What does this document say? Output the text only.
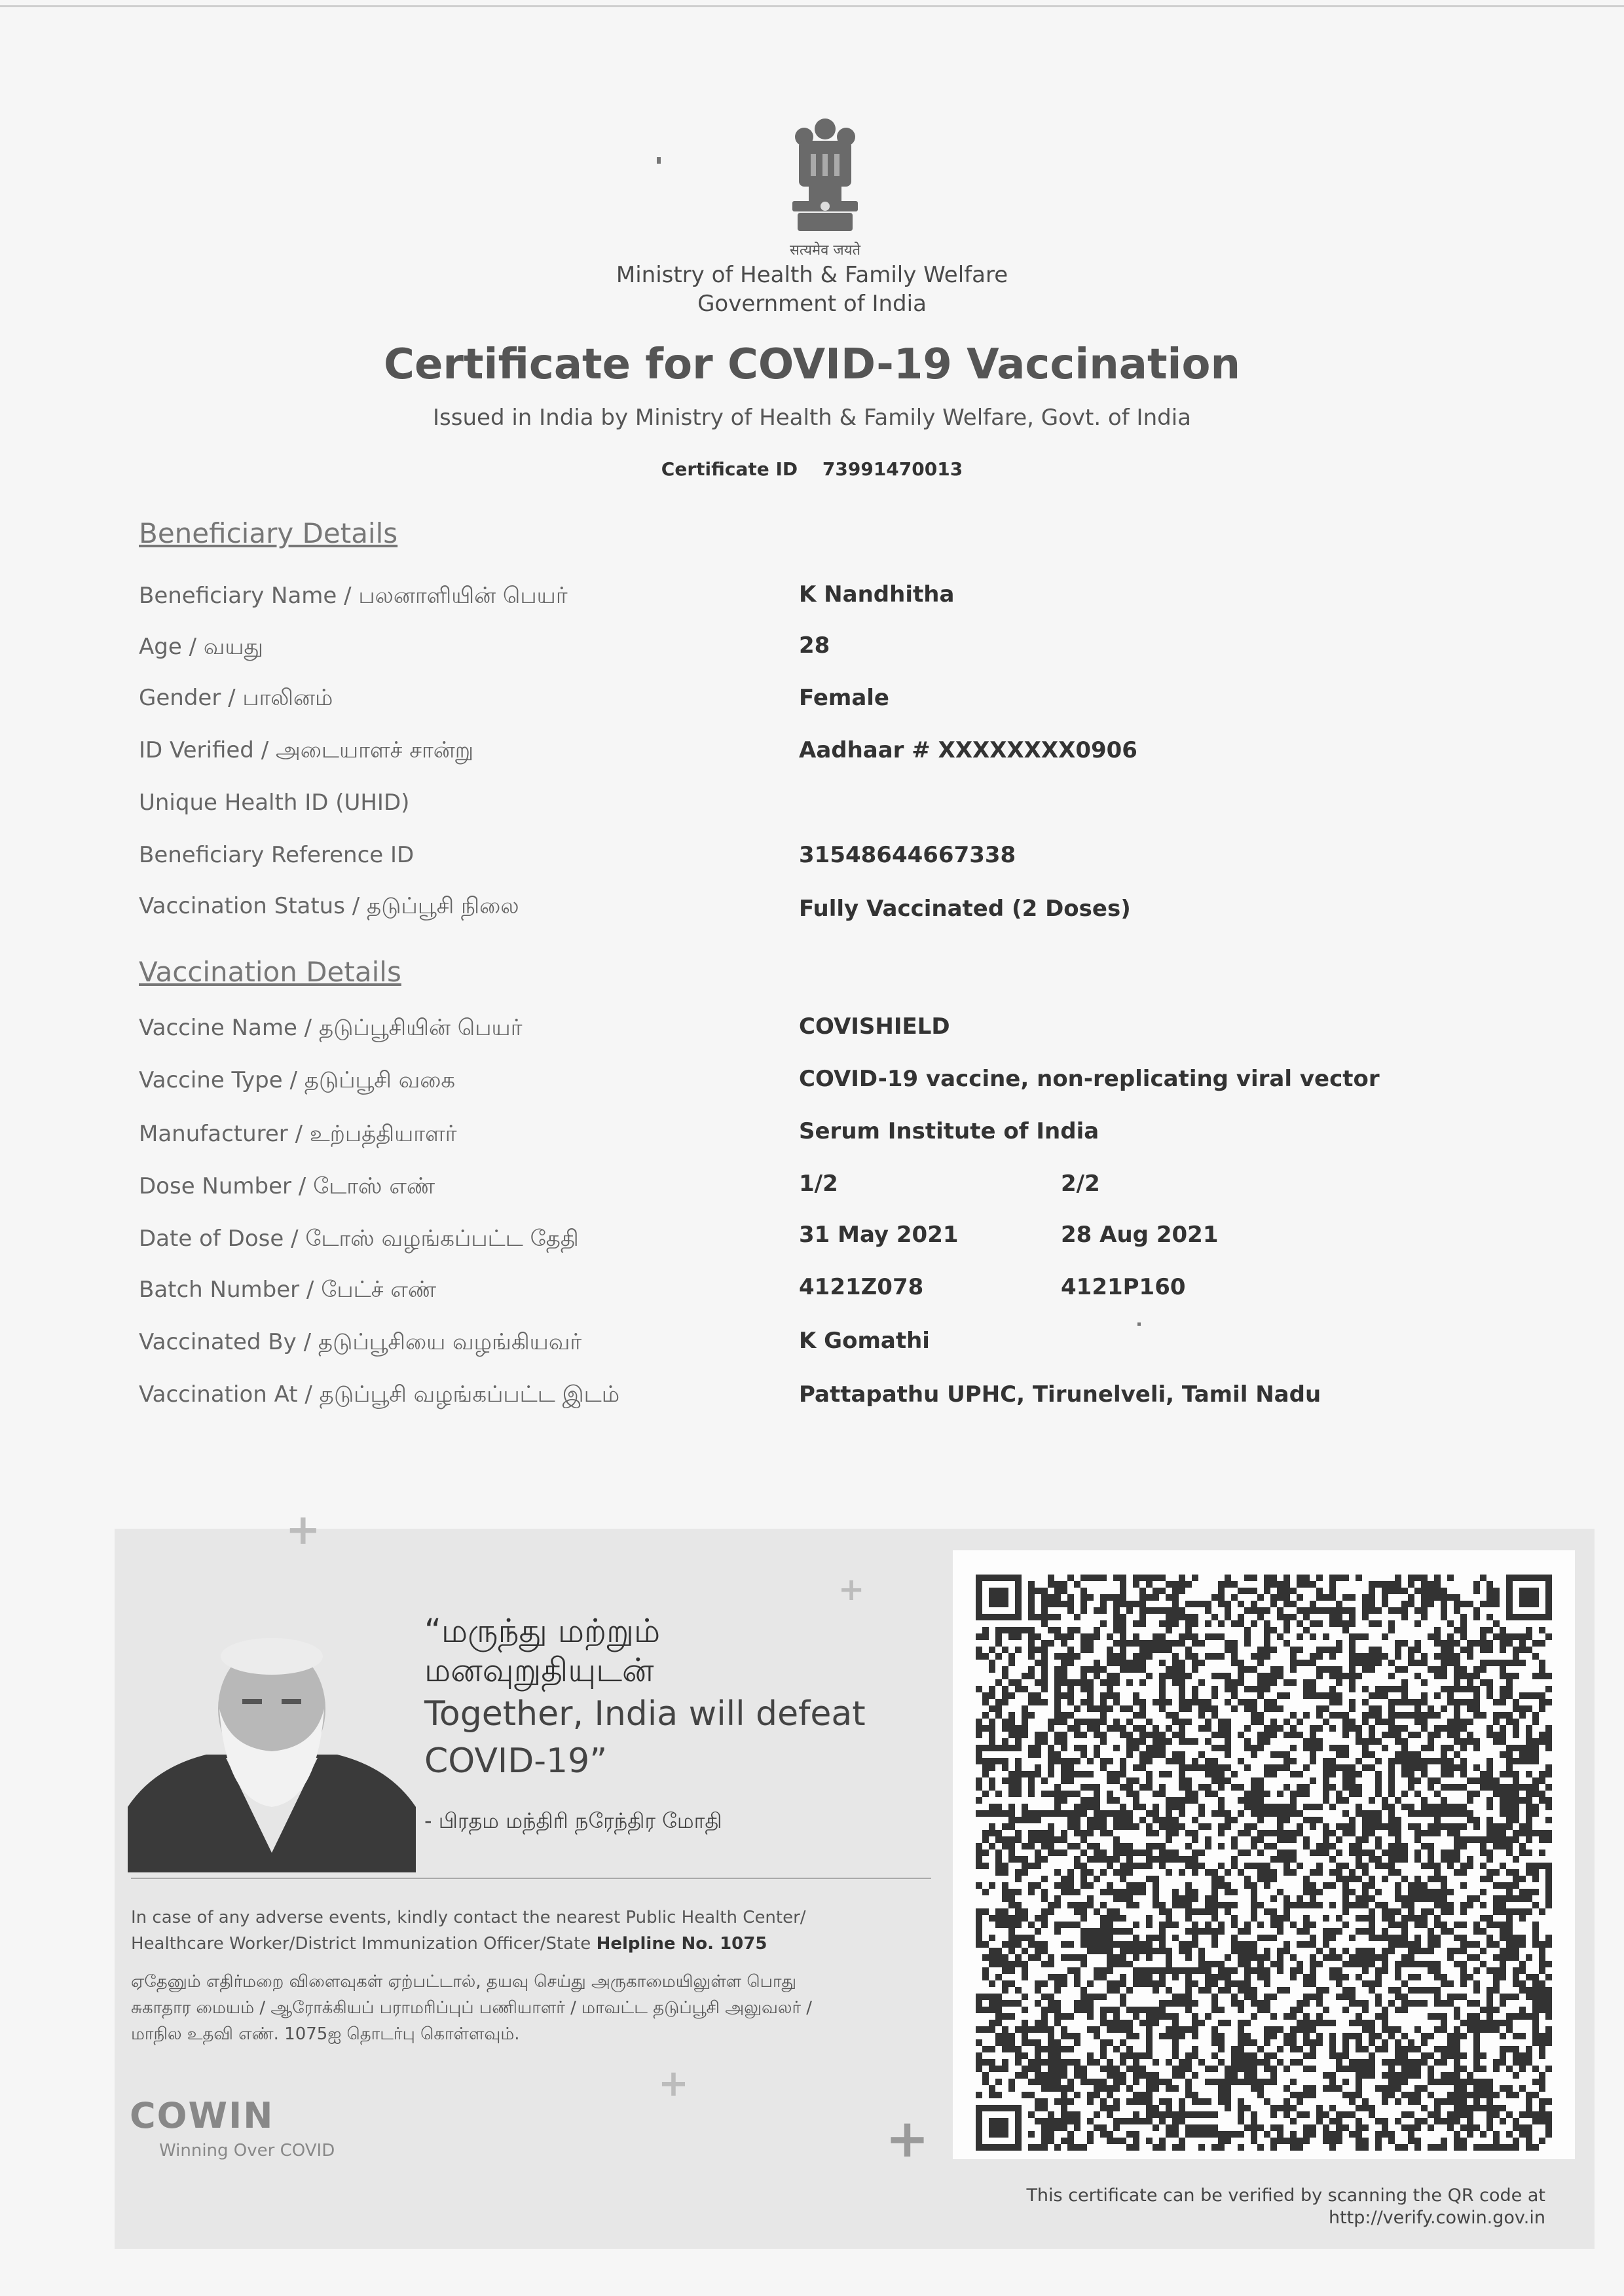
सत्यमेव जयते
Ministry of Health & Family Welfare
Government of India
Certificate for COVID-19 Vaccination
Issued in India by Ministry of Health & Family Welfare, Govt. of India
Certificate ID 73991470013
Beneficiary Details
Beneficiary Name / பலனாளியின் பெயர்	K Nandhitha
Age / வயது	28
Gender / பாலினம்	Female
ID Verified / அடையாளச் சான்று	Aadhaar # XXXXXXXX0906
Unique Health ID (UHID)
Beneficiary Reference ID	31548644667338
Vaccination Status / தடுப்பூசி நிலை	Fully Vaccinated (2 Doses)
Vaccination Details
Vaccine Name / தடுப்பூசியின் பெயர்	COVISHIELD
Vaccine Type / தடுப்பூசி வகை	COVID-19 vaccine, non-replicating viral vector
Manufacturer / உற்பத்தியாளர்	Serum Institute of India
Dose Number / டோஸ் எண்	1/2	2/2
Date of Dose / டோஸ் வழங்கப்பட்ட தேதி	31 May 2021	28 Aug 2021
Batch Number / பேட்ச் எண்	4121Z078	4121P160
Vaccinated By / தடுப்பூசியை வழங்கியவர்	K Gomathi
Vaccination At / தடுப்பூசி வழங்கப்பட்ட இடம்	Pattapathu UPHC, Tirunelveli, Tamil Nadu
+
+
+
+
“மருந்து மற்றும்
மனவுறுதியுடன்
Together, India will defeat
COVID-19”
- பிரதம மந்திரி நரேந்திர மோதி
In case of any adverse events, kindly contact the nearest Public Health Center/
Healthcare Worker/District Immunization Officer/State Helpline No. 1075
ஏதேனும் எதிர்மறை விளைவுகள் ஏற்பட்டால், தயவு செய்து அருகாமையிலுள்ள பொது
சுகாதார மையம் / ஆரோக்கியப் பராமரிப்புப் பணியாளர் / மாவட்ட தடுப்பூசி அலுவலர் /
மாநில உதவி எண். 1075ஐ தொடர்பு கொள்ளவும்.
COWIN
Winning Over COVID
This certificate can be verified by scanning the QR code at
http://verify.cowin.gov.in
